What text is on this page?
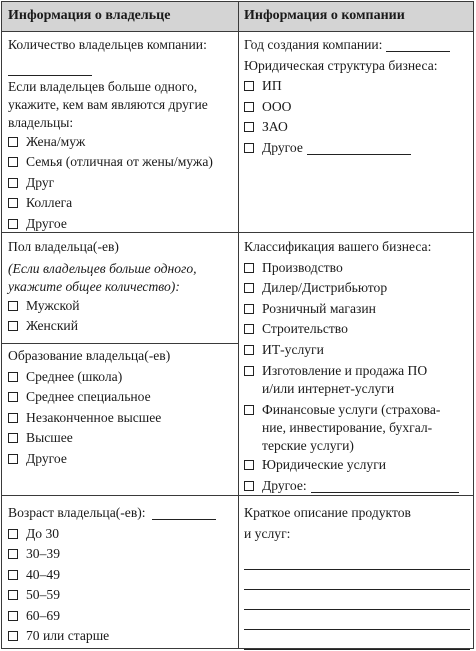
Информация о владельце	Информация о компании
Количество владельцев компании:
Если владельцев больше одного,
укажите, кем вам являются другие
владельцы:
Жена/муж
Семья (отличная от жены/мужа)
Друг
Коллега
Другое
Пол владельца(-ев)
(Если владельцев больше одного,
укажите общее количество):
Мужской
Женский
Образование владельца(-ев)
Среднее (школа)
Среднее специальное
Незаконченное высшее
Высшее
Другое
Возраст владельца(-ев):
До 30
30–39
40–49
50–59
60–69
70 или старше
Год создания компании:
Юридическая структура бизнеса:
ИП
ООО
ЗАО
Другое
Классификация вашего бизнеса:
Производство
Дилер/Дистрибьютор
Розничный магазин
Строительство
ИТ-услуги
Изготовление и продажа ПО
и/или интернет-услуги
Финансовые услуги (страхова-
ние, инвестирование, бухгал-
терские услуги)
Юридические услуги
Другое:
Краткое описание продуктов
и услуг:
